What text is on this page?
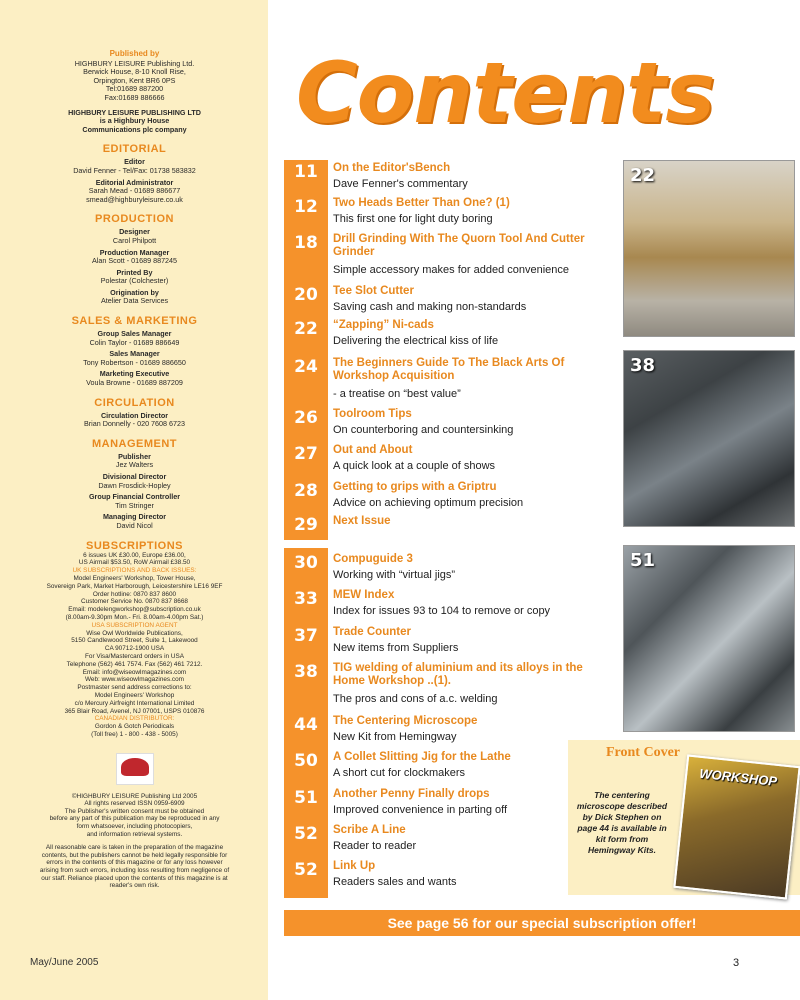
Published by
HIGHBURY LEISURE Publishing Ltd.
Berwick House, 8-10 Knoll Rise,
Orpington, Kent BR6 0PS
Tel:01689 887200
Fax:01689 886666
HIGHBURY LEISURE PUBLISHING LTD
is a Highbury House
Communications plc company
EDITORIAL
Editor
David Fenner - Tel/Fax: 01738 583832
Editorial Administrator
Sarah Mead - 01689 886677
smead@highburyleisure.co.uk
PRODUCTION
Designer
Carol Philpott
Production Manager
Alan Scott - 01689 887245
Printed By
Polestar (Colchester)
Origination by
Atelier Data Services
SALES & MARKETING
Group Sales Manager
Colin Taylor - 01689 886649
Sales Manager
Tony Robertson - 01689 886650
Marketing Executive
Voula Browne - 01689 887209
CIRCULATION
Circulation Director
Brian Donnelly - 020 7608 6723
MANAGEMENT
Publisher
Jez Walters
Divisional Director
Dawn Frosdick-Hopley
Group Financial Controller
Tim Stringer
Managing Director
David Nicol
SUBSCRIPTIONS
6 issues UK £30.00, Europe £36.00,
US Airmail $53.50, RoW Airmail £38.50
UK SUBSCRIPTIONS AND BACK ISSUES:
Model Engineers' Workshop, Tower House,
Sovereign Park, Market Harborough, Leicestershire LE16 9EF
Order hotline: 0870 837 8600
Customer Service No. 0870 837 8668
Email: modelengworkshop@subscription.co.uk
(8.00am-9.30pm Mon.- Fri. 8.00am-4.00pm Sat.)
USA SUBSCRIPTION AGENT
Wise Owl Worldwide Publications,
5150 Candlewood Street, Suite 1, Lakewood
CA 90712-1900 USA
For Visa/Mastercard orders in USA
Telephone (562) 461 7574. Fax (562) 461 7212.
Email: info@wiseowlmagazines.com
Web: www.wiseowlmagazines.com
Postmaster send address corrections to:
Model Engineers' Workshop
c/o Mercury Airfreight International Limited
365 Blair Road, Avenel, NJ 07001, USPS 010876
CANADIAN DISTRIBUTOR:
Gordon & Gotch Periodicals
(Toll free) 1 - 800 - 438 - 5005)
©HIGHBURY LEISURE Publishing Ltd 2005
All rights reserved ISSN 0959-6909
The Publisher's written consent must be obtained
before any part of this publication may be reproduced in any
form whatsoever, including photocopiers,
and information retrieval systems.
All reasonable care is taken in the preparation of the magazine
contents, but the publishers cannot be held legally responsible for
errors in the contents of this magazine or for any loss however
arising from such errors, including loss resulting from negligence of
our staff. Reliance placed upon the contents of this magazine is at
reader's own risk.
May/June 2005
Contents
11	On the Editor'sBench
Dave Fenner's commentary
12	Two Heads Better Than One? (1)
This first one for light duty boring
18	Drill Grinding With The Quorn Tool And Cutter Grinder
Simple accessory makes for added convenience
20	Tee Slot Cutter
Saving cash and making non-standards
22	“Zapping” Ni-cads
Delivering the electrical kiss of life
24	The Beginners Guide To The Black Arts Of Workshop Acquisition
- a treatise on “best value”
26	Toolroom Tips
On counterboring and countersinking
27	Out and About
A quick look at a couple of shows
28	Getting to grips with a Griptru
Advice on achieving optimum precision
29	Next Issue
30	Compuguide 3
Working with “virtual jigs”
33	MEW Index
Index for issues 93 to 104 to remove or copy
37	Trade Counter
New items from Suppliers
38	TIG welding of aluminium and its alloys in the Home Workshop ..(1).
The pros and cons of a.c. welding
44	The Centering Microscope
New Kit from Hemingway
50	A Collet Slitting Jig for the Lathe
A short cut for clockmakers
51	Another Penny Finally drops
Improved convenience in parting off
52	Scribe A Line
Reader to reader
52	Link Up
Readers sales and wants
22
38
51
Front Cover
The centering microscope described by Dick Stephen on page 44 is available in kit form from Hemingway Kits.
WORKSHOP
See page 56 for our special subscription offer!
3
